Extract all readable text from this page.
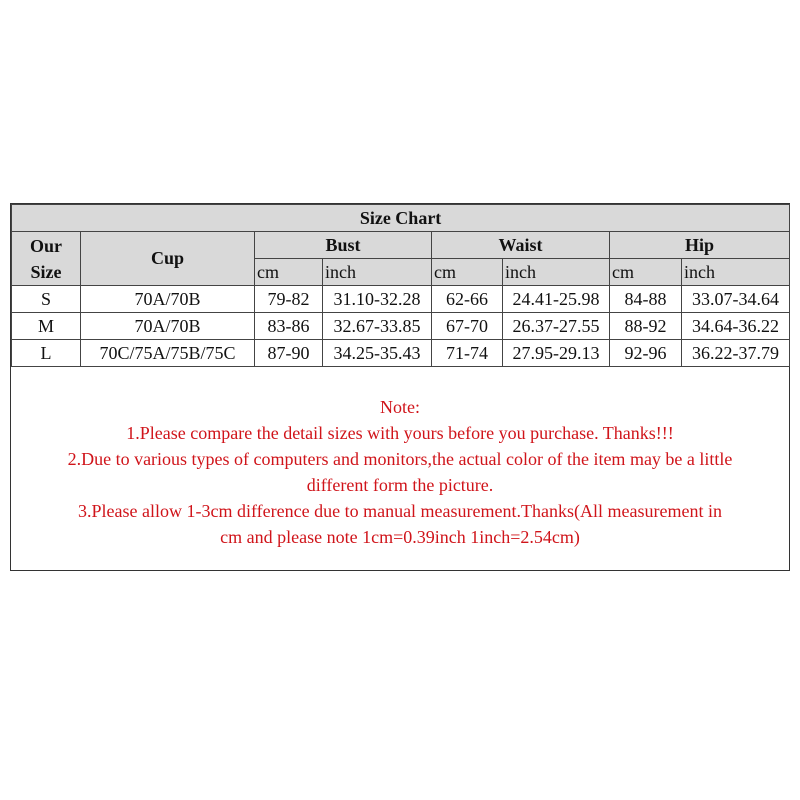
Size Chart							
Our
Size	Cup	Bust		Waist		Hip	
		cm	inch	cm	inch	cm	inch
S	70A/70B	79-82	31.10-32.28	62-66	24.41-25.98	84-88	33.07-34.64
M	70A/70B	83-86	32.67-33.85	67-70	26.37-27.55	88-92	34.64-36.22
L	70C/75A/75B/75C	87-90	34.25-35.43	71-74	27.95-29.13	92-96	36.22-37.79
Note:
1.Please compare the detail sizes with yours before you purchase. Thanks!!!
2.Due to various types of computers and monitors,the actual color of the item may be a little
different form the picture.
3.Please allow 1-3cm difference due to manual measurement.Thanks(All measurement in
cm and please note 1cm=0.39inch 1inch=2.54cm)
